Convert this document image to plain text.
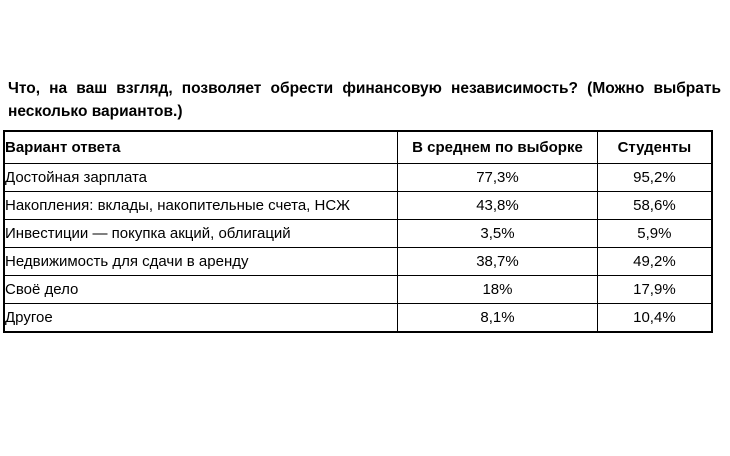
Что, на ваш взгляд, позволяет обрести финансовую независимость? (Можно выбрать несколько вариантов.)
Вариант ответа	В среднем по выборке	Студенты
Достойная зарплата	77,3%	95,2%
Накопления: вклады, накопительные счета, НСЖ	43,8%	58,6%
Инвестиции — покупка акций, облигаций	3,5%	5,9%
Недвижимость для сдачи в аренду	38,7%	49,2%
Своё дело	18%	17,9%
Другое	8,1%	10,4%
